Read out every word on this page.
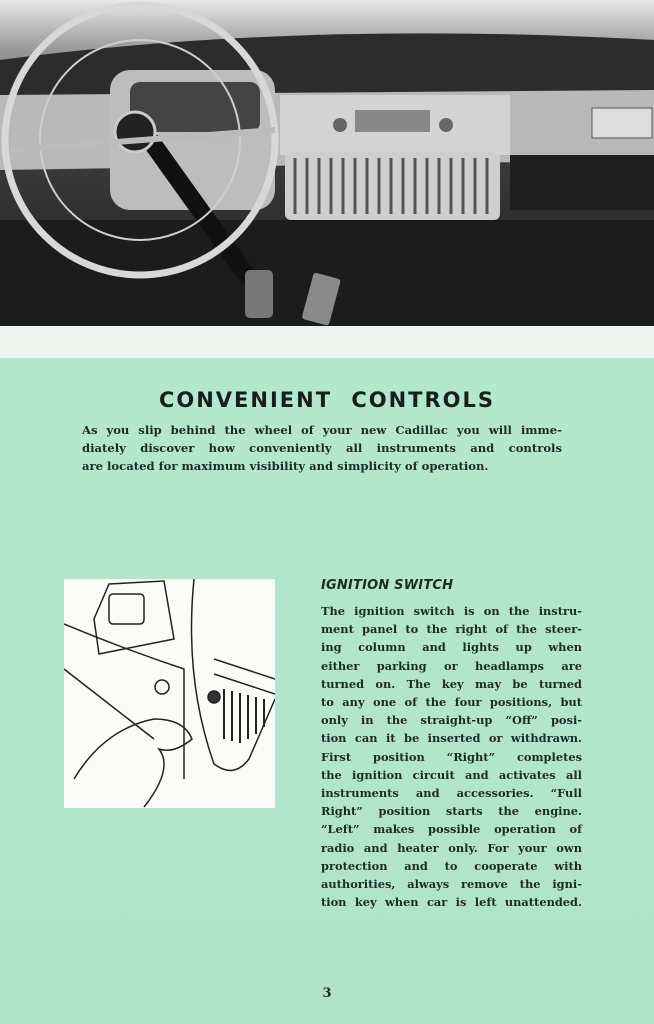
CONVENIENT CONTROLS
As you slip behind the wheel of your new Cadillac you will imme-
diately discover how conveniently all instruments and controls
are located for maximum visibility and simplicity of operation.
IGNITION SWITCH
The ignition switch is on the instru-
ment panel to the right of the steer-
ing column and lights up when
either parking or headlamps are
turned on. The key may be turned
to any one of the four positions, but
only in the straight-up “Off” posi-
tion can it be inserted or withdrawn.
First position “Right” completes
the ignition circuit and activates all
instruments and accessories. “Full
Right” position starts the engine.
“Left” makes possible operation of
radio and heater only. For your own
protection and to cooperate with
authorities, always remove the igni-
tion key when car is left unattended.
3
